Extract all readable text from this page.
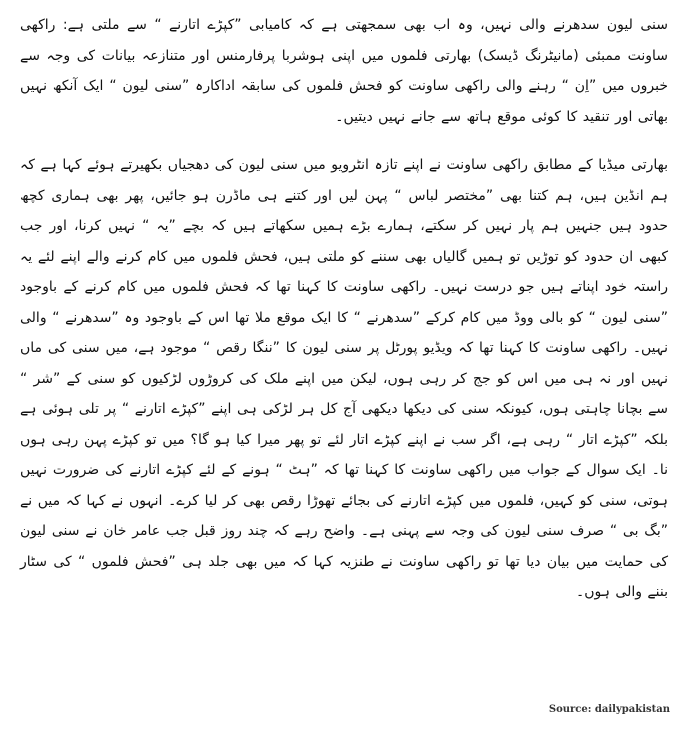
سنی لیون سدھرنے والی نہیں، وہ اب بھی سمجھتی ہے کہ کامیابی ”کپڑے اتارنے “ سے ملتی ہے: راکھی ساونت ممبئی (مانیٹرنگ ڈیسک) بھارتی فلموں میں اپنی ہوشربا پرفارمنس اور متنازعہ بیانات کی وجہ سے خبروں میں ”اِن “ رہنے والی راکھی ساونت کو فحش فلموں کی سابقہ اداکارہ ”سنی لیون “ ایک آنکھ نہیں بھاتی اور تنقید کا کوئی موقع ہاتھ سے جانے نہیں دیتیں۔

بھارتی میڈیا کے مطابق راکھی ساونت نے اپنے تازہ انٹرویو میں سنی لیون کی دھجیاں بکھیرتے ہوئے کہا ہے کہ ہم انڈین ہیں، ہم کتنا بھی ”مختصر لباس “ پہن لیں اور کتنے ہی ماڈرن ہو جائیں، پھر بھی ہماری کچھ حدود ہیں جنہیں ہم پار نہیں کر سکتے، ہمارے بڑے ہمیں سکھاتے ہیں کہ بچے ”یہ “ نہیں کرنا، اور جب کبھی ان حدود کو توڑیں تو ہمیں گالیاں بھی سننے کو ملتی ہیں، فحش فلموں میں کام کرنے والے اپنے لئے یہ راستہ خود اپناتے ہیں جو درست نہیں۔ راکھی ساونت کا کہنا تھا کہ فحش فلموں میں کام کرنے کے باوجود ”سنی لیون “ کو بالی ووڈ میں کام کرکے ”سدھرنے “ کا ایک موقع ملا تھا اس کے باوجود وہ ”سدھرنے “ والی نہیں۔ راکھی ساونت کا کہنا تھا کہ ویڈیو پورٹل پر سنی لیون کا ”ننگا رقص “ موجود ہے، میں سنی کی ماں نہیں اور نہ ہی میں اس کو جج کر رہی ہوں، لیکن میں اپنے ملک کی کروڑوں لڑکیوں کو سنی کے ”شر “ سے بچانا چاہتی ہوں، کیونکہ سنی کی دیکھا دیکھی آج کل ہر لڑکی ہی اپنے ”کپڑے اتارنے “ پر تلی ہوئی ہے بلکہ ”کپڑے اتار “ رہی ہے، اگر سب نے اپنے کپڑے اتار لئے تو پھر میرا کیا ہو گا؟ میں تو کپڑے پہن رہی ہوں نا۔ ایک سوال کے جواب میں راکھی ساونت کا کہنا تھا کہ ”ہٹ “ ہونے کے لئے کپڑے اتارنے کی ضرورت نہیں ہوتی، سنی کو کہیں، فلموں میں کپڑے اتارنے کی بجائے تھوڑا رقص بھی کر لیا کرے۔ انہوں نے کہا کہ میں نے ”بگ بی “ صرف سنی لیون کی وجہ سے پہنی ہے۔ واضح رہے کہ چند روز قبل جب عامر خان نے سنی لیون کی حمایت میں بیان دیا تھا تو راکھی ساونت نے طنزیہ کہا کہ میں بھی جلد ہی ”فحش فلموں “ کی سٹار بننے والی ہوں۔

Source: dailypakistan
